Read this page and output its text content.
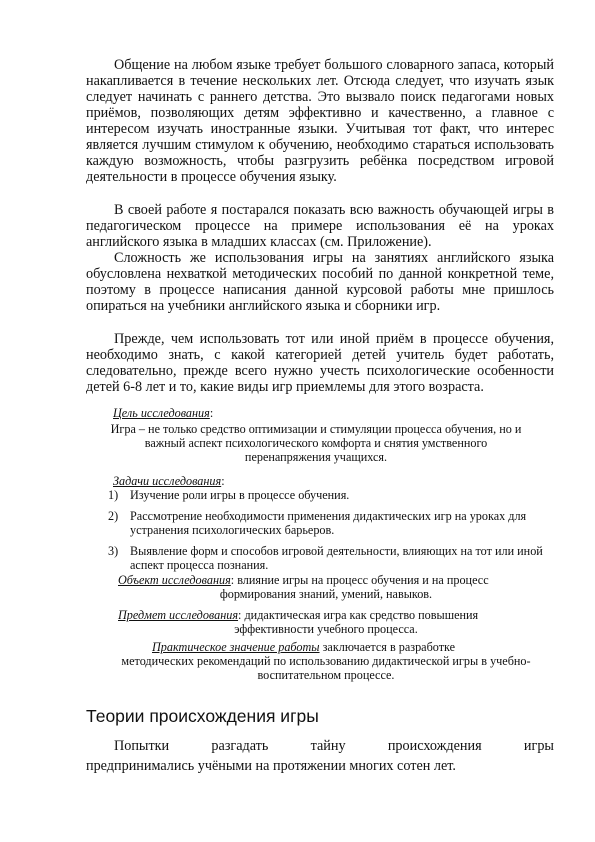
Общение на любом языке требует большого словарного запаса, который накапливается в течение нескольких лет. Отсюда следует, что изучать язык следует начинать с раннего детства. Это вызвало поиск педагогами новых приёмов, позволяющих детям эффективно и качественно, а главное с интересом изучать иностранные языки. Учитывая тот факт, что интерес является лучшим стимулом к обучению, необходимо стараться использовать каждую возможность, чтобы разгрузить ребёнка посредством игровой деятельности в процессе обучения языку.

В своей работе я постарался показать всю важность обучающей игры в педагогическом процессе на примере использования её на уроках английского языка в младших классах (см. Приложение).

Сложность же использования игры на занятиях английского языка обусловлена нехваткой методических пособий по данной конкретной теме, поэтому в процессе написания данной курсовой работы мне пришлось опираться на учебники английского языка и сборники игр.

Прежде, чем использовать тот или иной приём в процессе обучения, необходимо знать, с какой категорией детей учитель будет работать, следовательно, прежде всего нужно учесть психологические особенности детей 6-8 лет и то, какие виды игр приемлемы для этого возраста.

Цель исследования:

Игра – не только средство оптимизации и стимуляции процесса обучения, но и важный аспект психологического комфорта и снятия умственного перенапряжения учащихся.

Задачи исследования:
1) Изучение роли игры в процессе обучения.
2) Рассмотрение необходимости применения дидактических игр на уроках для устранения психологических барьеров.
3) Выявление форм и способов игровой деятельности, влияющих на тот или иной аспект процесса познания.
Объект исследования: влияние игры на процесс обучения и на процесс
формирования знаний, умений, навыков.
Предмет исследования: дидактическая игра как средство повышения
эффективности учебного процесса.
Практическое значение работы заключается в разработке
методических рекомендаций по использованию дидактической игры в учебно-воспитательном процессе.
Теории происхождения игры
Попытки	разгадать	тайну	происхождения	игры
предпринимались учёными на протяжении многих сотен лет.
